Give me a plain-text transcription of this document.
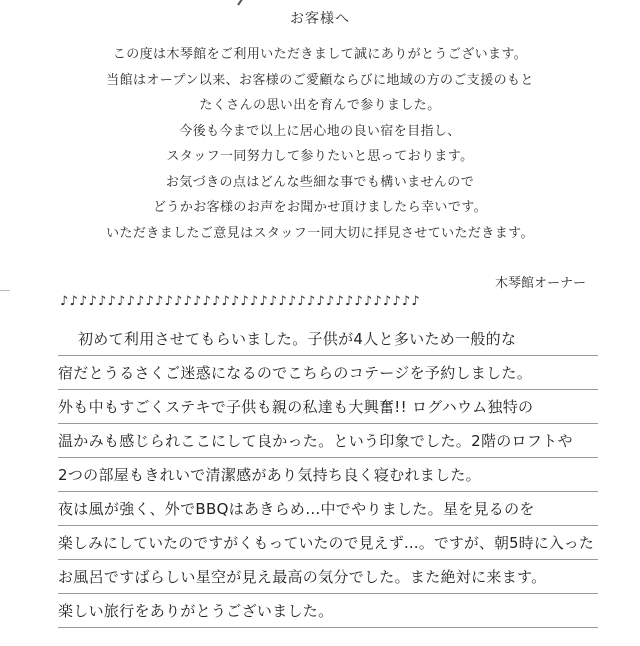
お客様へ
この度は木琴館をご利用いただきまして誠にありがとうございます。
当館はオープン以来、お客様のご愛顧ならびに地域の方のご支援のもと
たくさんの思い出を育んで参りました。
今後も今まで以上に居心地の良い宿を目指し、
スタッフ一同努力して参りたいと思っております。
お気づきの点はどんな些細な事でも構いませんので
どうかお客様のお声をお聞かせ頂けましたら幸いです。
いただきましたご意見はスタッフ一同大切に拝見させていただきます。
木琴館オーナー
♪♪♪♪♪♪♪♪♪♪♪♪♪♪♪♪♪♪♪♪♪♪♪♪♪♪♪♪♪♪♪♪♪♪♪♪♪♪
初めて利用させてもらいました。子供が4人と多いため一般的な
宿だとうるさくご迷惑になるのでこちらのコテージを予約しました。
外も中もすごくステキで子供も親の私達も大興奮!! ログハウム独特の
温かみも感じられここにして良かった。という印象でした。2階のロフトや
2つの部屋もきれいで清潔感があり気持ち良く寝むれました。
夜は風が強く、外でBBQはあきらめ…中でやりました。星を見るのを
楽しみにしていたのですがくもっていたので見えず…。ですが、朝5時に入った
お風呂ですばらしい星空が見え最高の気分でした。また絶対に来ます。
楽しい旅行をありがとうございました。
